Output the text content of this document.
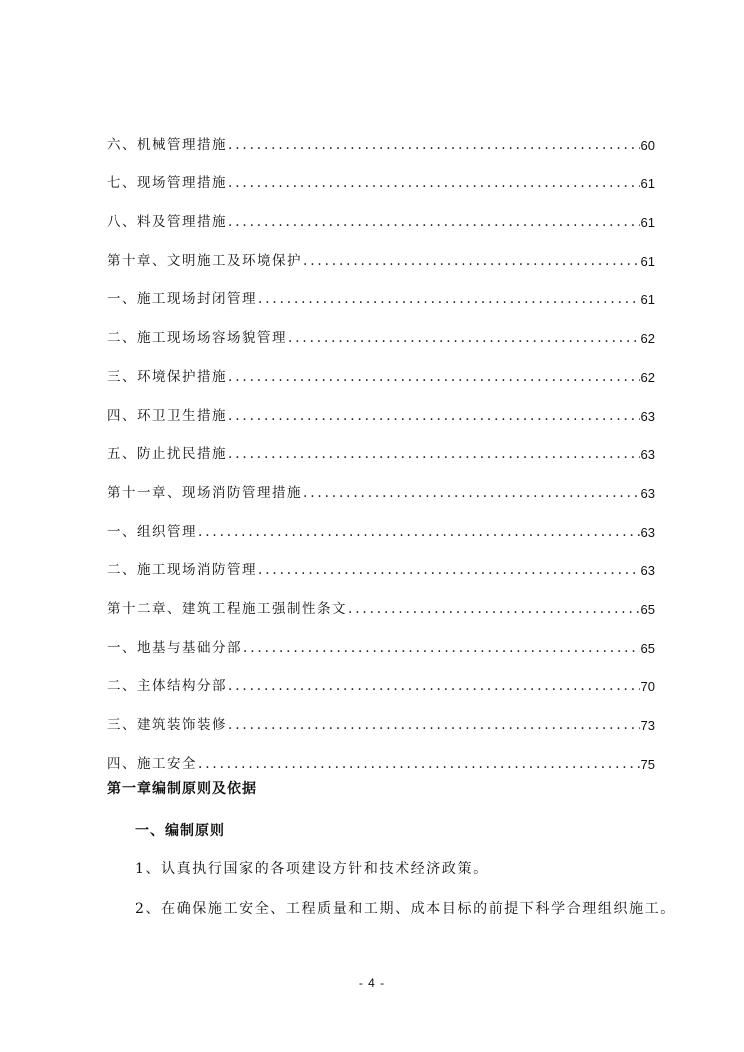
六、机械管理措施 .....	60
七、现场管理措施 .....	61
八、料及管理措施 .....	61
第十章、文明施工及环境保护 .....	61
一、施工现场封闭管理 .....	61
二、施工现场场容场貌管理 .....	62
三、环境保护措施 .....	62
四、环卫卫生措施 .....	63
五、防止扰民措施 .....	63
第十一章、现场消防管理措施 .....	63
一、组织管理 .....	63
二、施工现场消防管理 .....	63
第十二章、建筑工程施工强制性条文 .....	65
一、地基与基础分部 .....	65
二、主体结构分部 .....	70
三、建筑装饰装修 .....	73
四、施工安全 .....	75
第一章编制原则及依据
一、编制原则
1、认真执行国家的各项建设方针和技术经济政策。
2、在确保施工安全、工程质量和工期、成本目标的前提下科学合理组织施工。
- 4 -
